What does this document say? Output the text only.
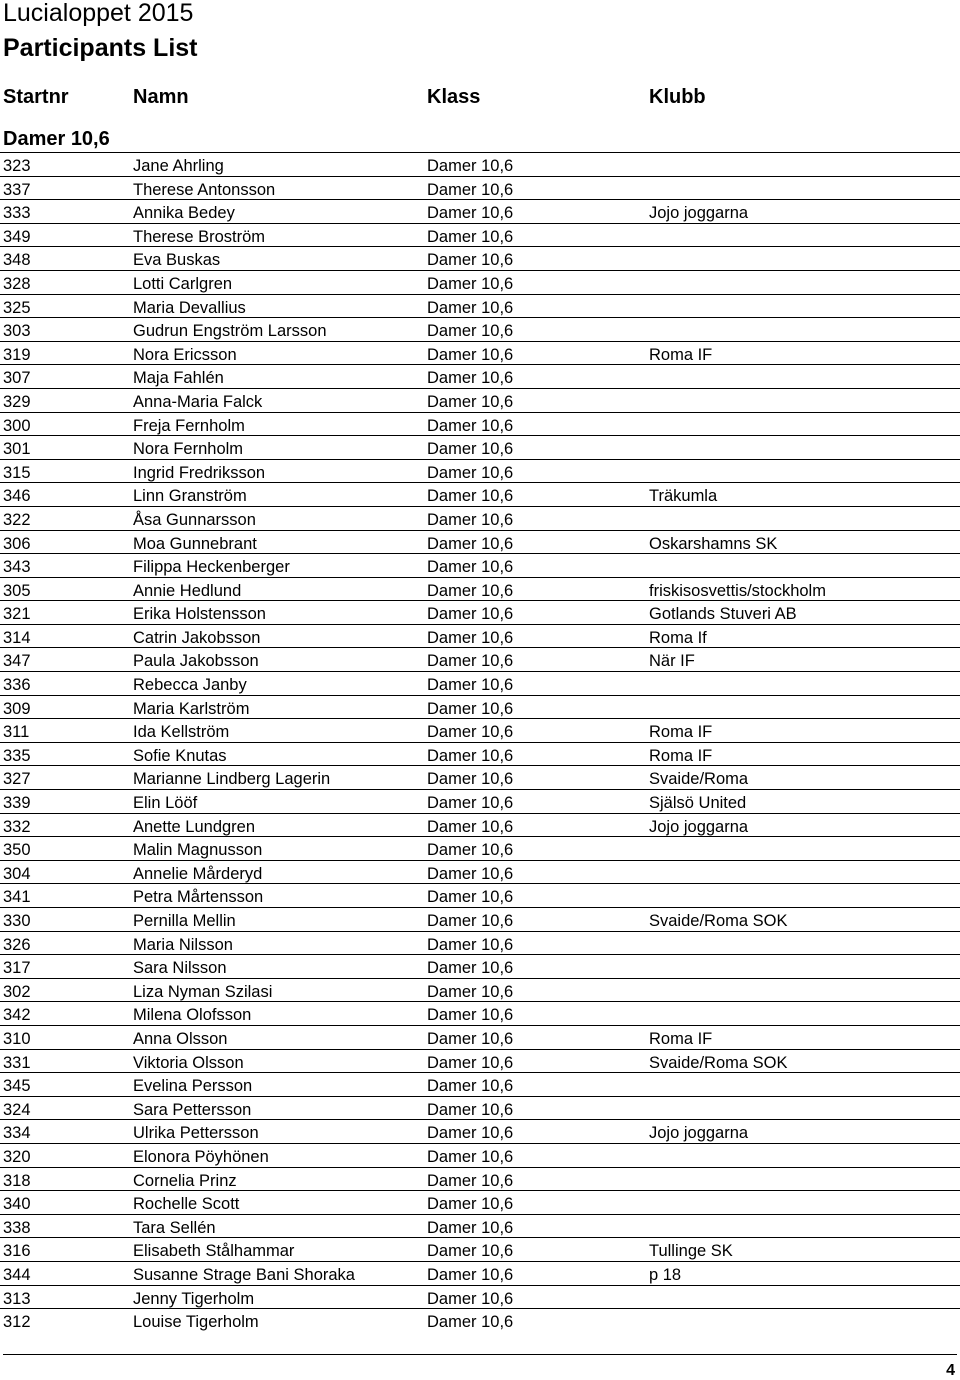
Lucialoppet 2015
Participants List
Startnr	Namn	Klass	Klubb
Damer 10,6
323	Jane Ahrling	Damer 10,6
337	Therese Antonsson	Damer 10,6
333	Annika Bedey	Damer 10,6	Jojo joggarna
349	Therese Broström	Damer 10,6
348	Eva Buskas	Damer 10,6
328	Lotti Carlgren	Damer 10,6
325	Maria Devallius	Damer 10,6
303	Gudrun Engström Larsson	Damer 10,6
319	Nora Ericsson	Damer 10,6	Roma IF
307	Maja Fahlén	Damer 10,6
329	Anna-Maria Falck	Damer 10,6
300	Freja Fernholm	Damer 10,6
301	Nora Fernholm	Damer 10,6
315	Ingrid Fredriksson	Damer 10,6
346	Linn Granström	Damer 10,6	Träkumla
322	Åsa Gunnarsson	Damer 10,6
306	Moa Gunnebrant	Damer 10,6	Oskarshamns SK
343	Filippa Heckenberger	Damer 10,6
305	Annie Hedlund	Damer 10,6	friskisosvettis/stockholm
321	Erika Holstensson	Damer 10,6	Gotlands Stuveri AB
314	Catrin Jakobsson	Damer 10,6	Roma If
347	Paula Jakobsson	Damer 10,6	När IF
336	Rebecca Janby	Damer 10,6
309	Maria Karlström	Damer 10,6
311	Ida Kellström	Damer 10,6	Roma IF
335	Sofie Knutas	Damer 10,6	Roma IF
327	Marianne Lindberg Lagerin	Damer 10,6	Svaide/Roma
339	Elin Lööf	Damer 10,6	Själsö United
332	Anette Lundgren	Damer 10,6	Jojo joggarna
350	Malin Magnusson	Damer 10,6
304	Annelie Mårderyd	Damer 10,6
341	Petra Mårtensson	Damer 10,6
330	Pernilla Mellin	Damer 10,6	Svaide/Roma SOK
326	Maria Nilsson	Damer 10,6
317	Sara Nilsson	Damer 10,6
302	Liza Nyman Szilasi	Damer 10,6
342	Milena Olofsson	Damer 10,6
310	Anna Olsson	Damer 10,6	Roma IF
331	Viktoria Olsson	Damer 10,6	Svaide/Roma SOK
345	Evelina Persson	Damer 10,6
324	Sara Pettersson	Damer 10,6
334	Ulrika Pettersson	Damer 10,6	Jojo joggarna
320	Elonora Pöyhönen	Damer 10,6
318	Cornelia Prinz	Damer 10,6
340	Rochelle Scott	Damer 10,6
338	Tara Sellén	Damer 10,6
316	Elisabeth Stålhammar	Damer 10,6	Tullinge SK
344	Susanne Strage Bani Shoraka	Damer 10,6	p 18
313	Jenny Tigerholm	Damer 10,6
312	Louise Tigerholm	Damer 10,6
4
